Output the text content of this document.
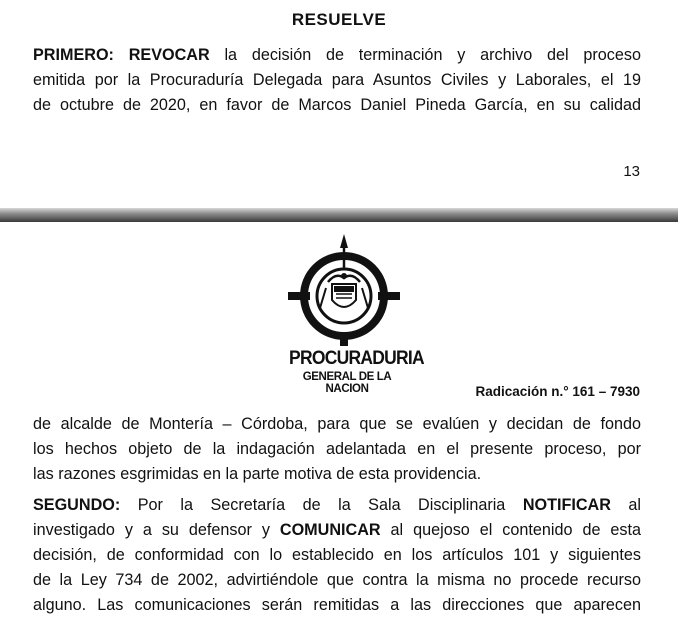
RESUELVE
PRIMERO: REVOCAR la decisión de terminación y archivo del proceso
emitida por la Procuraduría Delegada para Asuntos Civiles y Laborales, el 19
de octubre de 2020, en favor de Marcos Daniel Pineda García, en su calidad
13
PROCURADURIA
GENERAL DE LA NACION	Radicación n.° 161 – 7930
de alcalde de Montería – Córdoba, para que se evalúen y decidan de fondo
los hechos objeto de la indagación adelantada en el presente proceso, por
las razones esgrimidas en la parte motiva de esta providencia.
SEGUNDO: Por la Secretaría de la Sala Disciplinaria NOTIFICAR al
investigado y a su defensor y COMUNICAR al quejoso el contenido de esta
decisión, de conformidad con lo establecido en los artículos 101 y siguientes
de la Ley 734 de 2002, advirtiéndole que contra la misma no procede recurso
alguno. Las comunicaciones serán remitidas a las direcciones que aparecen
